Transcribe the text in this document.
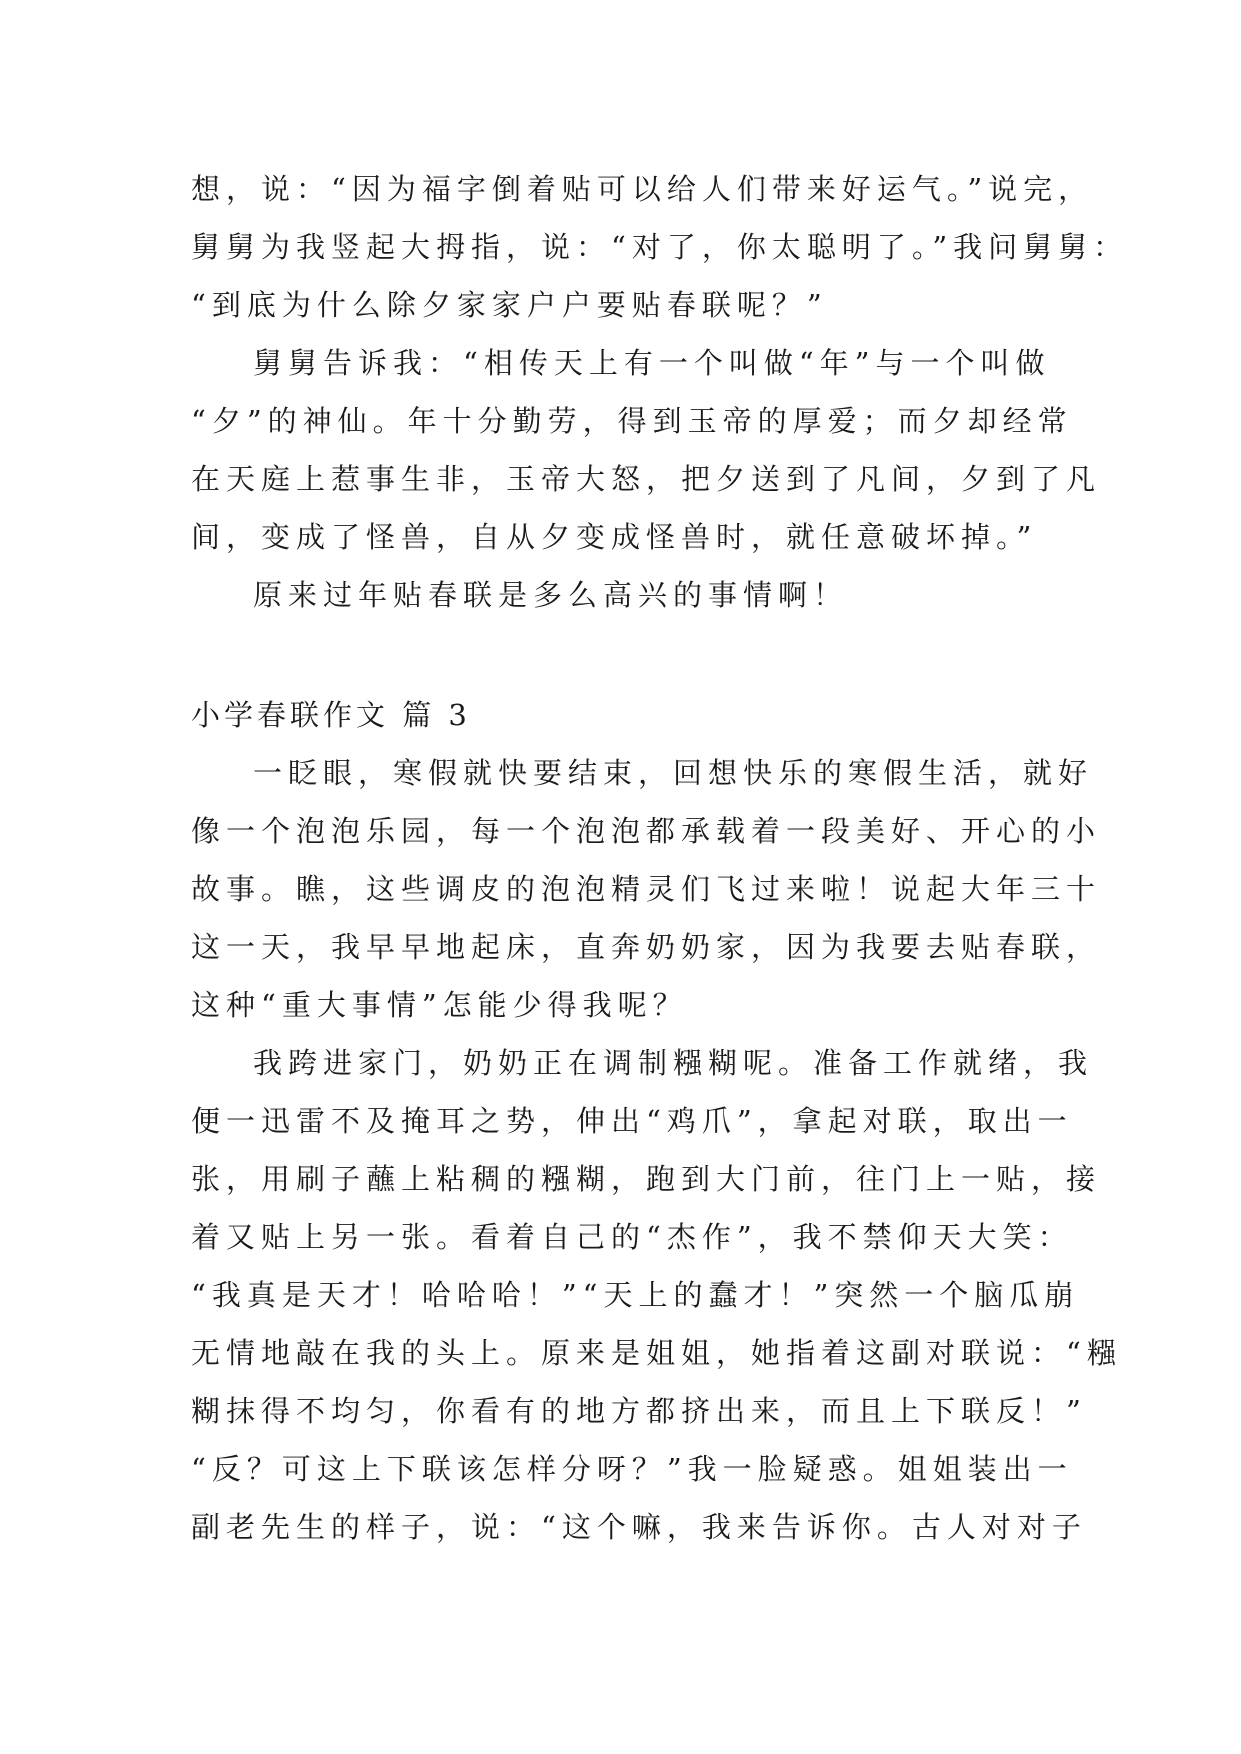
想，说：“因为福字倒着贴可以给人们带来好运气。”说完，
舅舅为我竖起大拇指，说：“对了，你太聪明了。”我问舅舅：
“到底为什么除夕家家户户要贴春联呢？”
舅舅告诉我：“相传天上有一个叫做“年”与一个叫做
“夕”的神仙。年十分勤劳，得到玉帝的厚爱；而夕却经常
在天庭上惹事生非，玉帝大怒，把夕送到了凡间，夕到了凡
间，变成了怪兽，自从夕变成怪兽时，就任意破坏掉。”
原来过年贴春联是多么高兴的事情啊！
小学春联作文 篇 3
一眨眼，寒假就快要结束，回想快乐的寒假生活，就好
像一个泡泡乐园，每一个泡泡都承载着一段美好、开心的小
故事。瞧，这些调皮的泡泡精灵们飞过来啦！说起大年三十
这一天，我早早地起床，直奔奶奶家，因为我要去贴春联，
这种“重大事情”怎能少得我呢？
我跨进家门，奶奶正在调制糨糊呢。准备工作就绪，我
便一迅雷不及掩耳之势，伸出“鸡爪”，拿起对联，取出一
张，用刷子蘸上粘稠的糨糊，跑到大门前，往门上一贴，接
着又贴上另一张。看着自己的“杰作”，我不禁仰天大笑：
“我真是天才！哈哈哈！”“天上的蠢才！”突然一个脑瓜崩
无情地敲在我的头上。原来是姐姐，她指着这副对联说：“糨
糊抹得不均匀，你看有的地方都挤出来，而且上下联反！”
“反？可这上下联该怎样分呀？”我一脸疑惑。姐姐装出一
副老先生的样子，说：“这个嘛，我来告诉你。古人对对子
